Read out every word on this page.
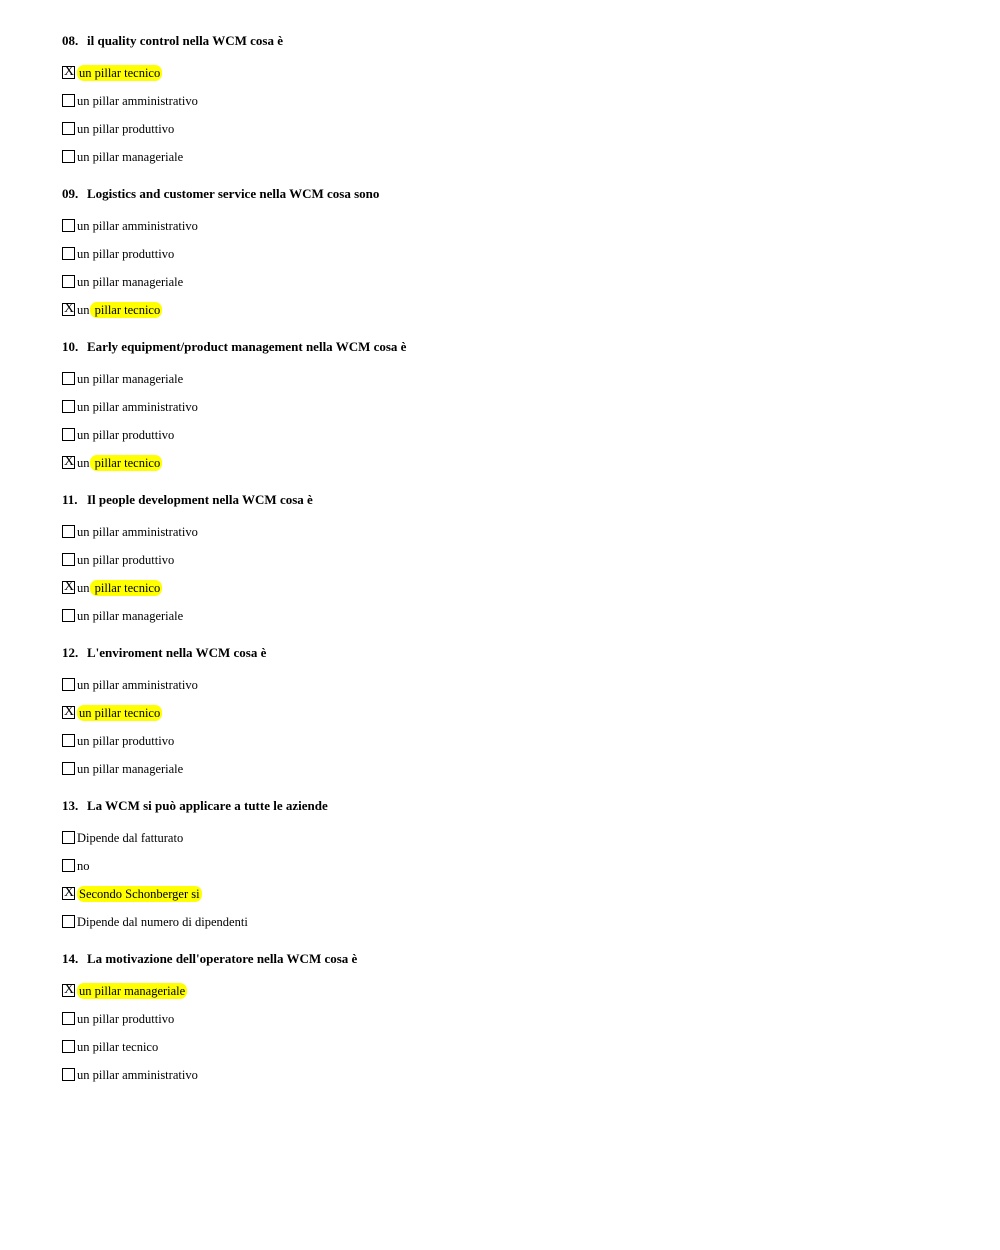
08. il quality control nella WCM cosa è
X un pillar tecnico
un pillar amministrativo
un pillar produttivo
un pillar manageriale
09. Logistics and customer service nella WCM cosa sono
un pillar amministrativo
un pillar produttivo
un pillar manageriale
X un pillar tecnico
10. Early equipment/product management nella WCM cosa è
un pillar manageriale
un pillar amministrativo
un pillar produttivo
X un pillar tecnico
11. Il people development nella WCM cosa è
un pillar amministrativo
un pillar produttivo
X un pillar tecnico
un pillar manageriale
12. L'enviroment nella WCM cosa è
un pillar amministrativo
X un pillar tecnico
un pillar produttivo
un pillar manageriale
13. La WCM si può applicare a tutte le aziende
Dipende dal fatturato
no
X Secondo Schonberger si
Dipende dal numero di dipendenti
14. La motivazione dell'operatore nella WCM cosa è
X un pillar manageriale
un pillar produttivo
un pillar tecnico
un pillar amministrativo
